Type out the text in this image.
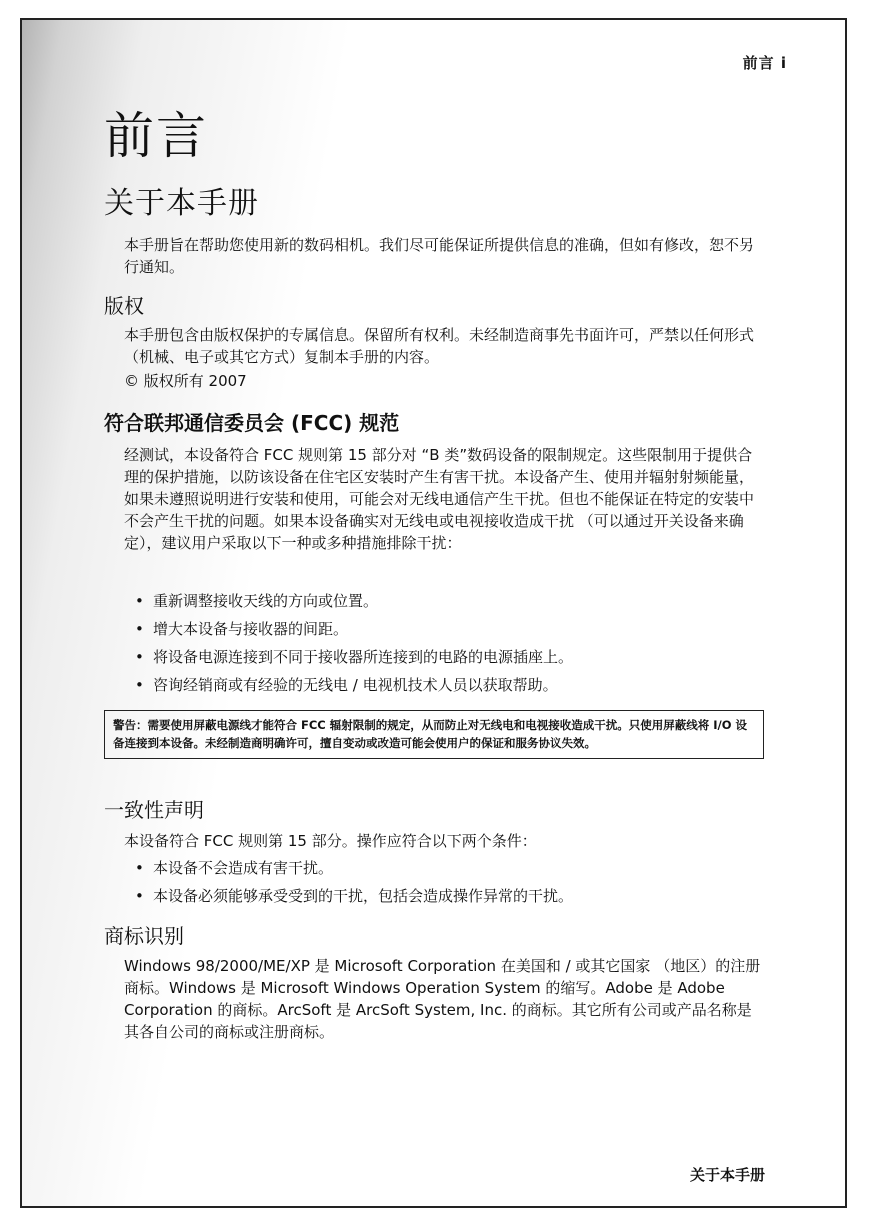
前言 i
前言
关于本手册

本手册旨在帮助您使用新的数码相机。我们尽可能保证所提供信息的准确，但如有修改，恕不另行通知。

版权

本手册包含由版权保护的专属信息。保留所有权利。未经制造商事先书面许可，严禁以任何形式 （机械、电子或其它方式）复制本手册的内容。

© 版权所有 2007

符合联邦通信委员会 (FCC) 规范

经测试，本设备符合 FCC 规则第 15 部分对 “B 类”数码设备的限制规定。这些限制用于提供合理的保护措施，以防该设备在住宅区安装时产生有害干扰。本设备产生、使用并辐射射频能量，如果未遵照说明进行安装和使用，可能会对无线电通信产生干扰。但也不能保证在特定的安装中不会产生干扰的问题。如果本设备确实对无线电或电视接收造成干扰 （可以通过开关设备来确定），建议用户采取以下一种或多种措施排除干扰：

• 重新调整接收天线的方向或位置。
• 增大本设备与接收器的间距。
• 将设备电源连接到不同于接收器所连接到的电路的电源插座上。
• 咨询经销商或有经验的无线电 / 电视机技术人员以获取帮助。
警告：需要使用屏蔽电源线才能符合 FCC 辐射限制的规定，从而防止对无线电和电视接收造成干扰。只使用屏蔽线将 I/O 设备连接到本设备。未经制造商明确许可，擅自变动或改造可能会使用户的保证和服务协议失效。
一致性声明

本设备符合 FCC 规则第 15 部分。操作应符合以下两个条件：

• 本设备不会造成有害干扰。
• 本设备必须能够承受受到的干扰，包括会造成操作异常的干扰。
商标识别

Windows 98/2000/ME/XP 是 Microsoft Corporation 在美国和 / 或其它国家 （地区）的注册商标。Windows 是 Microsoft Windows Operation System 的缩写。Adobe 是 Adobe Corporation 的商标。ArcSoft 是 ArcSoft System, Inc. 的商标。其它所有公司或产品名称是其各自公司的商标或注册商标。

关于本手册
